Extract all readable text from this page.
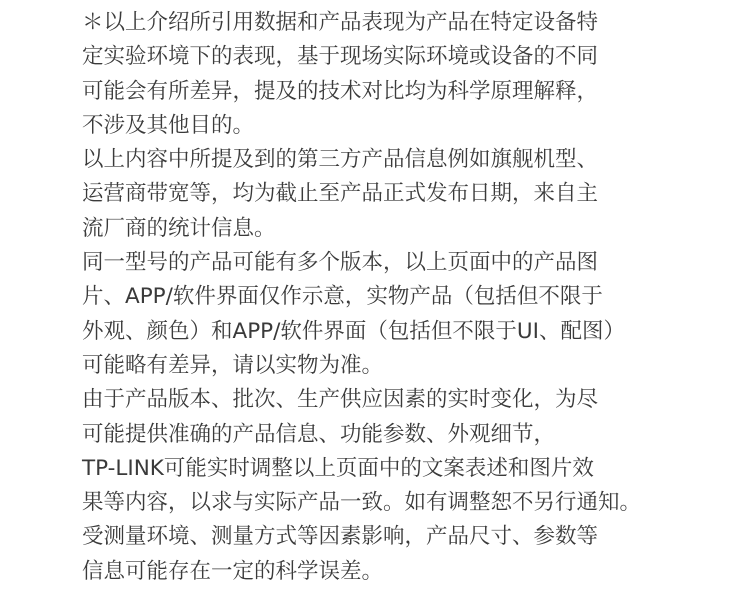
＊以上介绍所引用数据和产品表现为产品在特定设备特
定实验环境下的表现，基于现场实际环境或设备的不同
可能会有所差异，提及的技术对比均为科学原理解释，
不涉及其他目的。
以上内容中所提及到的第三方产品信息例如旗舰机型、
运营商带宽等，均为截止至产品正式发布日期，来自主
流厂商的统计信息。
同一型号的产品可能有多个版本，以上页面中的产品图
片、APP/软件界面仅作示意，实物产品（包括但不限于
外观、颜色）和APP/软件界面（包括但不限于UI、配图）
可能略有差异，请以实物为准。
由于产品版本、批次、生产供应因素的实时变化，为尽
可能提供准确的产品信息、功能参数、外观细节，
TP-LINK可能实时调整以上页面中的文案表述和图片效
果等内容，以求与实际产品一致。如有调整恕不另行通知。
受测量环境、测量方式等因素影响，产品尺寸、参数等
信息可能存在一定的科学误差。
